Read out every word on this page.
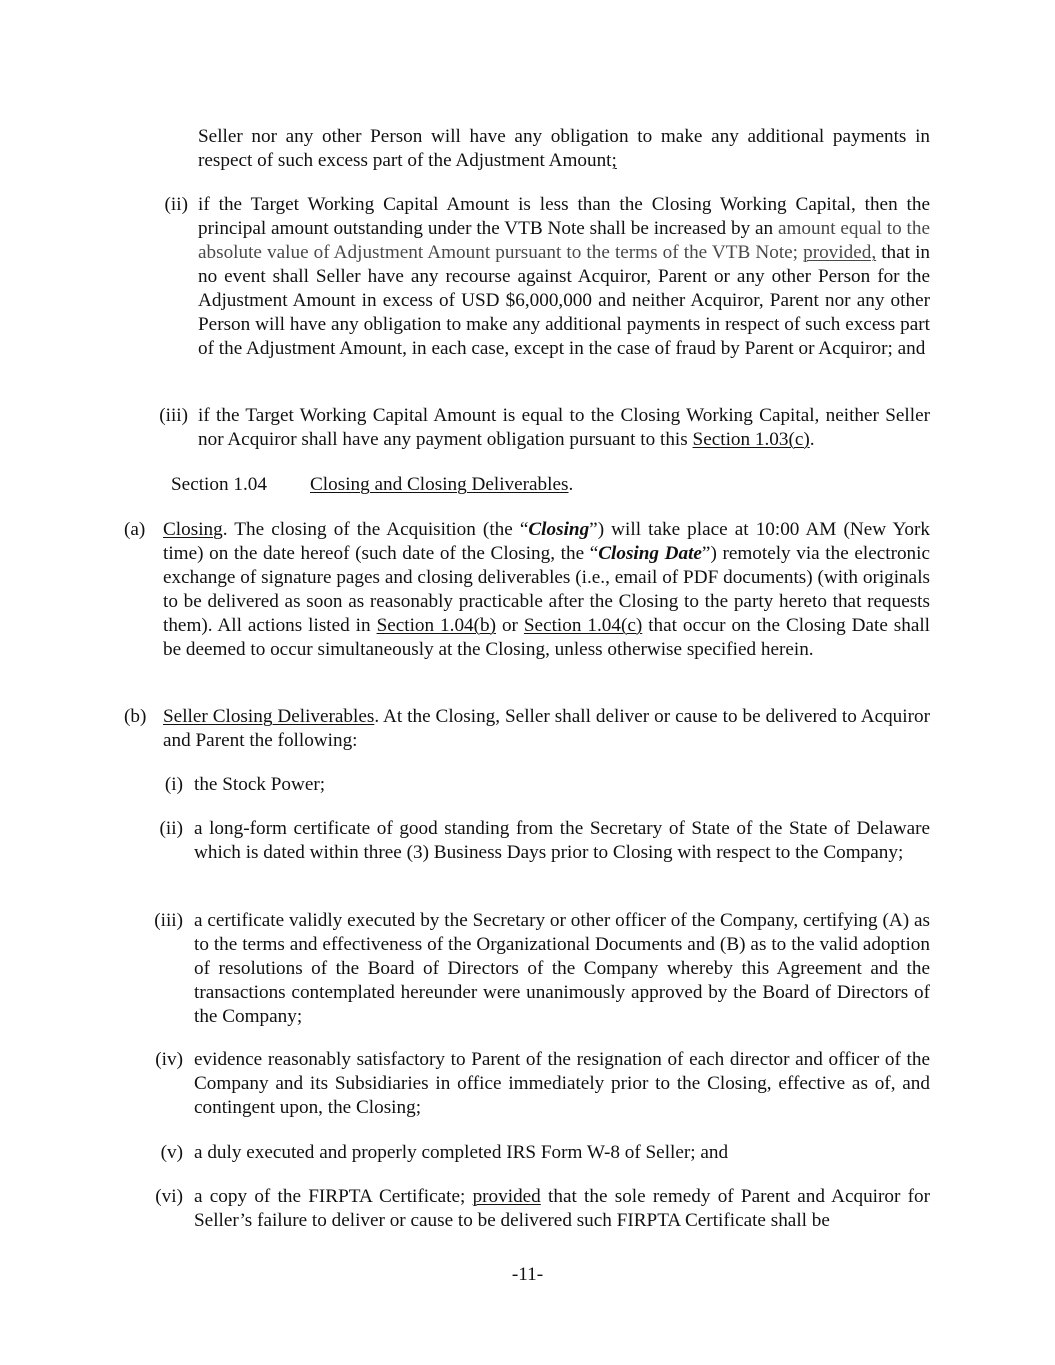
Seller nor any other Person will have any obligation to make any additional payments in respect of such excess part of the Adjustment Amount;

(ii) if the Target Working Capital Amount is less than the Closing Working Capital, then the principal amount outstanding under the VTB Note shall be increased by an amount equal to the absolute value of Adjustment Amount pursuant to the terms of the VTB Note; provided, that in no event shall Seller have any recourse against Acquiror, Parent or any other Person for the Adjustment Amount in excess of USD $6,000,000 and neither Acquiror, Parent nor any other Person will have any obligation to make any additional payments in respect of such excess part of the Adjustment Amount, in each case, except in the case of fraud by Parent or Acquiror; and

(iii) if the Target Working Capital Amount is equal to the Closing Working Capital, neither Seller nor Acquiror shall have any payment obligation pursuant to this Section 1.03(c).

Section 1.04 Closing and Closing Deliverables.
(a) Closing. The closing of the Acquisition (the “Closing”) will take place at 10:00 AM (New York time) on the date hereof (such date of the Closing, the “Closing Date”) remotely via the electronic exchange of signature pages and closing deliverables (i.e., email of PDF documents) (with originals to be delivered as soon as reasonably practicable after the Closing to the party hereto that requests them). All actions listed in Section 1.04(b) or Section 1.04(c) that occur on the Closing Date shall be deemed to occur simultaneously at the Closing, unless otherwise specified herein.

(b) Seller Closing Deliverables. At the Closing, Seller shall deliver or cause to be delivered to Acquiror and Parent the following:

(i) the Stock Power;

(ii) a long-form certificate of good standing from the Secretary of State of the State of Delaware which is dated within three (3) Business Days prior to Closing with respect to the Company;

(iii) a certificate validly executed by the Secretary or other officer of the Company, certifying (A) as to the terms and effectiveness of the Organizational Documents and (B) as to the valid adoption of resolutions of the Board of Directors of the Company whereby this Agreement and the transactions contemplated hereunder were unanimously approved by the Board of Directors of the Company;

(iv) evidence reasonably satisfactory to Parent of the resignation of each director and officer of the Company and its Subsidiaries in office immediately prior to the Closing, effective as of, and contingent upon, the Closing;

(v) a duly executed and properly completed IRS Form W-8 of Seller; and

(vi) a copy of the FIRPTA Certificate; provided that the sole remedy of Parent and Acquiror for Seller’s failure to deliver or cause to be delivered such FIRPTA Certificate shall be

-11-
